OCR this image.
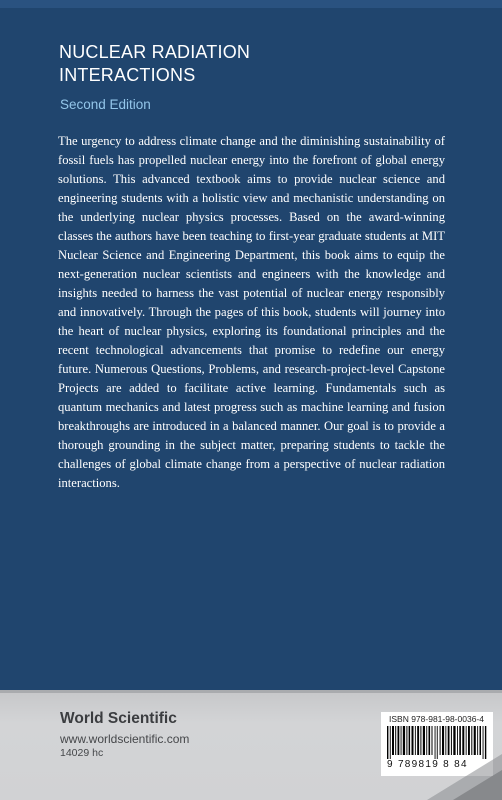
NUCLEAR RADIATION
INTERACTIONS
Second Edition

The urgency to address climate change and the diminishing sustainability of fossil fuels has propelled nuclear energy into the forefront of global energy solutions. This advanced textbook aims to provide nuclear science and engineering students with a holistic view and mechanistic understanding on the underlying nuclear physics processes. Based on the award-winning classes the authors have been teaching to first-year graduate students at MIT Nuclear Science and Engineering Department, this book aims to equip the next-generation nuclear scientists and engineers with the knowledge and insights needed to harness the vast potential of nuclear energy responsibly and innovatively. Through the pages of this book, students will journey into the heart of nuclear physics, exploring its foundational principles and the recent technological advancements that promise to redefine our energy future. Numerous Questions, Problems, and research-project-level Capstone Projects are added to facilitate active learning. Fundamentals such as quantum mechanics and latest progress such as machine learning and fusion breakthroughs are introduced in a balanced manner. Our goal is to provide a thorough grounding in the subject matter, preparing students to tackle the challenges of global climate change from a perspective of nuclear radiation interactions.

World Scientific
www.worldscientific.com
14029 hc
ISBN 978-981-98-0036-4
9 789819 8 84
